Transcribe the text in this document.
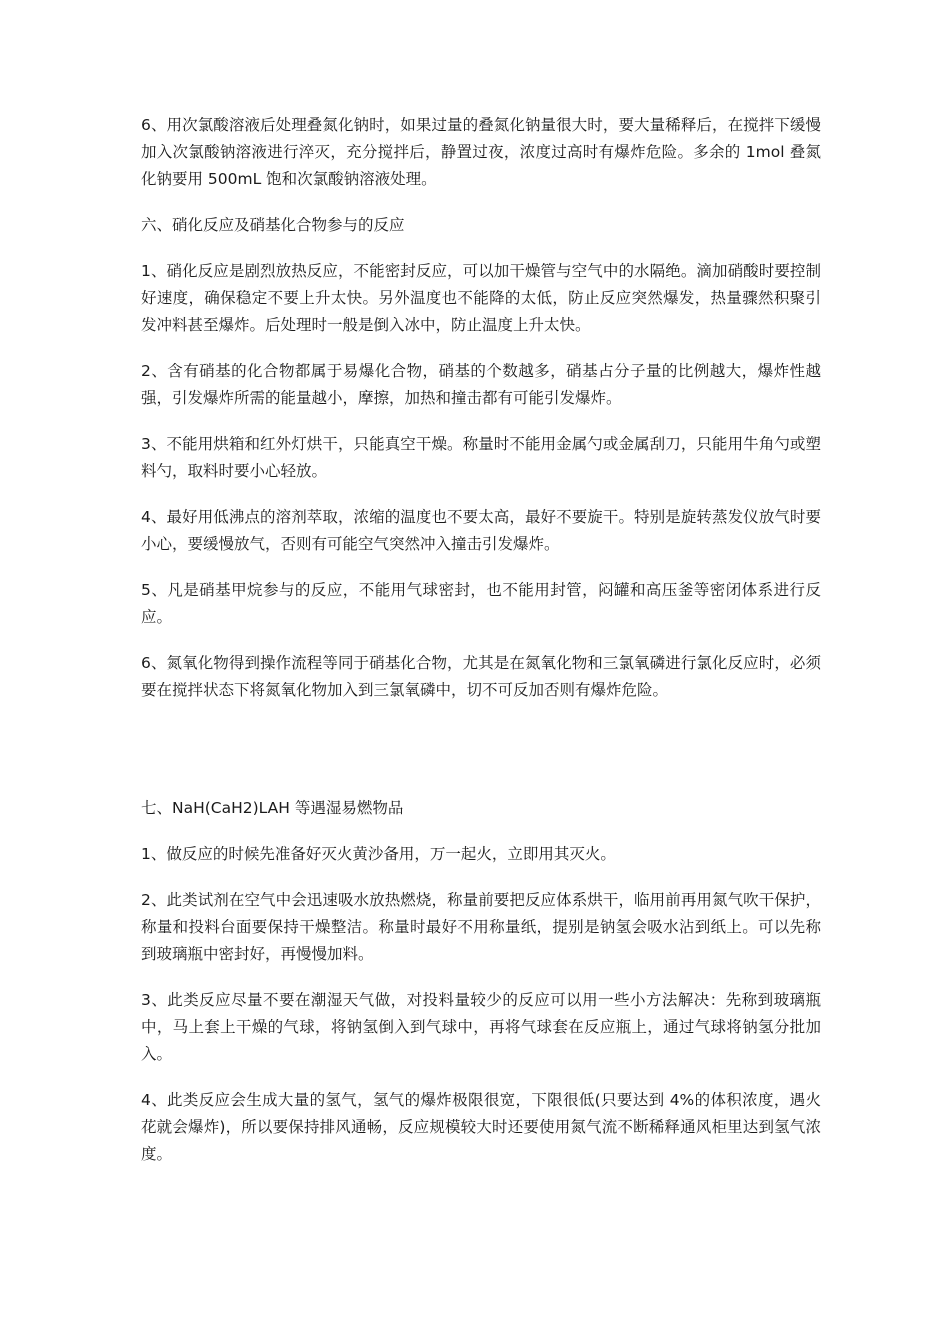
6、用次氯酸溶液后处理叠氮化钠时，如果过量的叠氮化钠量很大时，要大量稀释后，在搅拌下缓慢加入次氯酸钠溶液进行淬灭，充分搅拌后，静置过夜，浓度过高时有爆炸危险。多余的 1mol 叠氮化钠要用 500mL 饱和次氯酸钠溶液处理。

六、硝化反应及硝基化合物参与的反应

1、硝化反应是剧烈放热反应，不能密封反应，可以加干燥管与空气中的水隔绝。滴加硝酸时要控制好速度，确保稳定不要上升太快。另外温度也不能降的太低，防止反应突然爆发，热量骤然积聚引发冲料甚至爆炸。后处理时一般是倒入冰中，防止温度上升太快。

2、含有硝基的化合物都属于易爆化合物，硝基的个数越多，硝基占分子量的比例越大，爆炸性越强，引发爆炸所需的能量越小，摩擦，加热和撞击都有可能引发爆炸。

3、不能用烘箱和红外灯烘干，只能真空干燥。称量时不能用金属勺或金属刮刀，只能用牛角勺或塑料勺，取料时要小心轻放。

4、最好用低沸点的溶剂萃取，浓缩的温度也不要太高，最好不要旋干。特别是旋转蒸发仪放气时要小心，要缓慢放气，否则有可能空气突然冲入撞击引发爆炸。

5、凡是硝基甲烷参与的反应，不能用气球密封，也不能用封管，闷罐和高压釜等密闭体系进行反应。

6、氮氧化物得到操作流程等同于硝基化合物，尤其是在氮氧化物和三氯氧磷进行氯化反应时，必须要在搅拌状态下将氮氧化物加入到三氯氧磷中，切不可反加否则有爆炸危险。

七、NaH(CaH2)LAH 等遇湿易燃物品

1、做反应的时候先准备好灭火黄沙备用，万一起火，立即用其灭火。

2、此类试剂在空气中会迅速吸水放热燃烧，称量前要把反应体系烘干，临用前再用氮气吹干保护，称量和投料台面要保持干燥整洁。称量时最好不用称量纸，提别是钠氢会吸水沾到纸上。可以先称到玻璃瓶中密封好，再慢慢加料。

3、此类反应尽量不要在潮湿天气做，对投料量较少的反应可以用一些小方法解决：先称到玻璃瓶中，马上套上干燥的气球，将钠氢倒入到气球中，再将气球套在反应瓶上，通过气球将钠氢分批加入。

4、此类反应会生成大量的氢气，氢气的爆炸极限很宽，下限很低(只要达到 4%的体积浓度，遇火花就会爆炸)，所以要保持排风通畅，反应规模较大时还要使用氮气流不断稀释通风柜里达到氢气浓度。
